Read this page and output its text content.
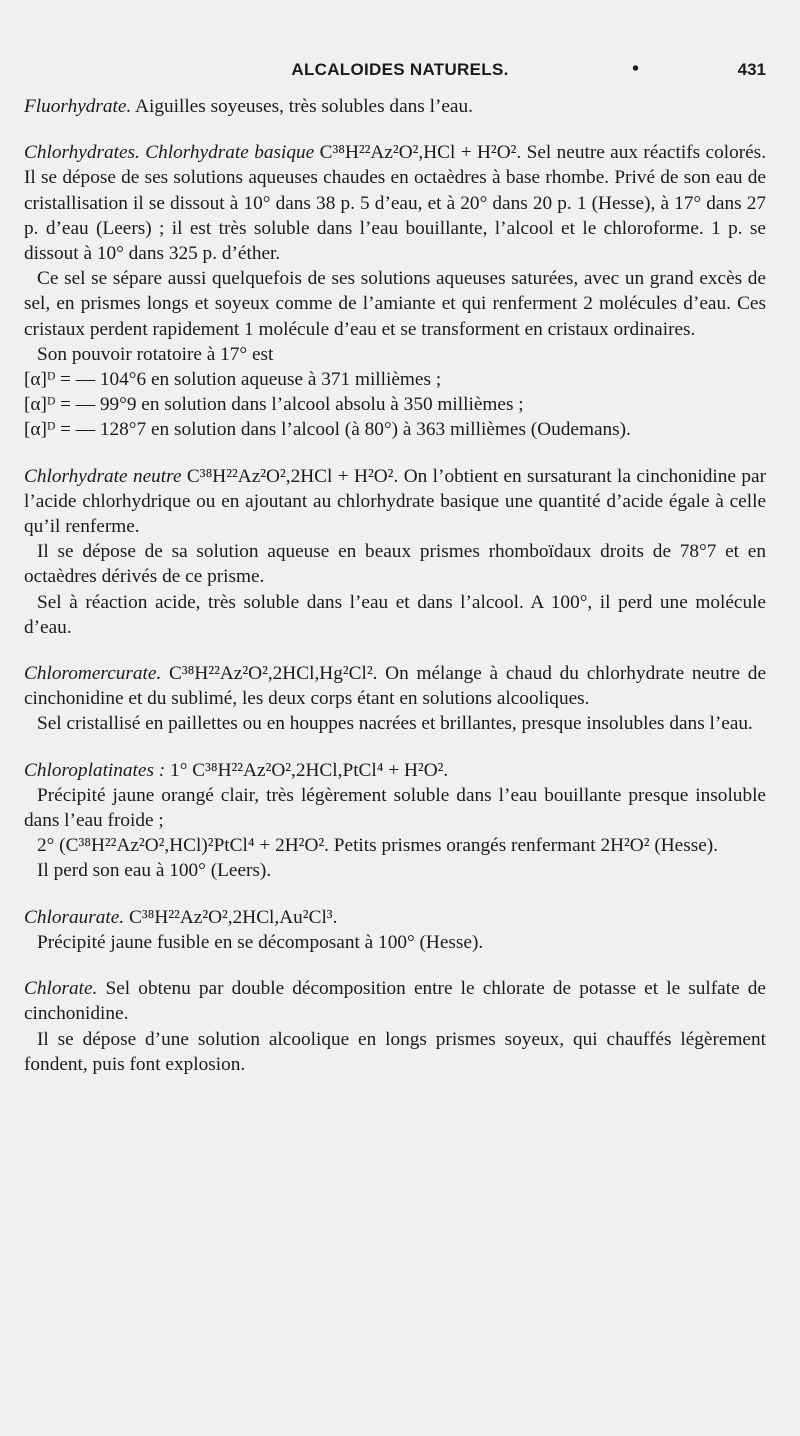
ALCALOIDES NATURELS.	•	431

Fluorhydrate. Aiguilles soyeuses, très solubles dans l’eau.

Chlorhydrates. Chlorhydrate basique C³⁸H²²Az²O²,HCl + H²O². Sel neutre aux réactifs colorés. Il se dépose de ses solutions aqueuses chaudes en octaèdres à base rhombe. Privé de son eau de cristallisation il se dissout à 10° dans 38 p. 5 d’eau, et à 20° dans 20 p. 1 (Hesse), à 17° dans 27 p. d’eau (Leers) ; il est très soluble dans l’eau bouillante, l’alcool et le chloroforme. 1 p. se dissout à 10° dans 325 p. d’éther.

Ce sel se sépare aussi quelquefois de ses solutions aqueuses saturées, avec un grand excès de sel, en prismes longs et soyeux comme de l’amiante et qui renferment 2 molécules d’eau. Ces cristaux perdent rapidement 1 molécule d’eau et se transforment en cristaux ordinaires.

Son pouvoir rotatoire à 17° est

[α]ᴰ = — 104°6 en solution aqueuse à 371 millièmes ;

[α]ᴰ = — 99°9 en solution dans l’alcool absolu à 350 millièmes ;

[α]ᴰ = — 128°7 en solution dans l’alcool (à 80°) à 363 millièmes (Oudemans).

Chlorhydrate neutre C³⁸H²²Az²O²,2HCl + H²O². On l’obtient en sursaturant la cinchonidine par l’acide chlorhydrique ou en ajoutant au chlorhydrate basique une quantité d’acide égale à celle qu’il renferme.

Il se dépose de sa solution aqueuse en beaux prismes rhomboïdaux droits de 78°7 et en octaèdres dérivés de ce prisme.

Sel à réaction acide, très soluble dans l’eau et dans l’alcool. A 100°, il perd une molécule d’eau.

Chloromercurate. C³⁸H²²Az²O²,2HCl,Hg²Cl². On mélange à chaud du chlorhydrate neutre de cinchonidine et du sublimé, les deux corps étant en solutions alcooliques.

Sel cristallisé en paillettes ou en houppes nacrées et brillantes, presque insolubles dans l’eau.

Chloroplatinates : 1° C³⁸H²²Az²O²,2HCl,PtCl⁴ + H²O².

Précipité jaune orangé clair, très légèrement soluble dans l’eau bouillante presque insoluble dans l’eau froide ;

2° (C³⁸H²²Az²O²,HCl)²PtCl⁴ + 2H²O². Petits prismes orangés renfermant 2H²O² (Hesse).

Il perd son eau à 100° (Leers).

Chloraurate. C³⁸H²²Az²O²,2HCl,Au²Cl³.

Précipité jaune fusible en se décomposant à 100° (Hesse).

Chlorate. Sel obtenu par double décomposition entre le chlorate de potasse et le sulfate de cinchonidine.

Il se dépose d’une solution alcoolique en longs prismes soyeux, qui chauffés légèrement fondent, puis font explosion.
